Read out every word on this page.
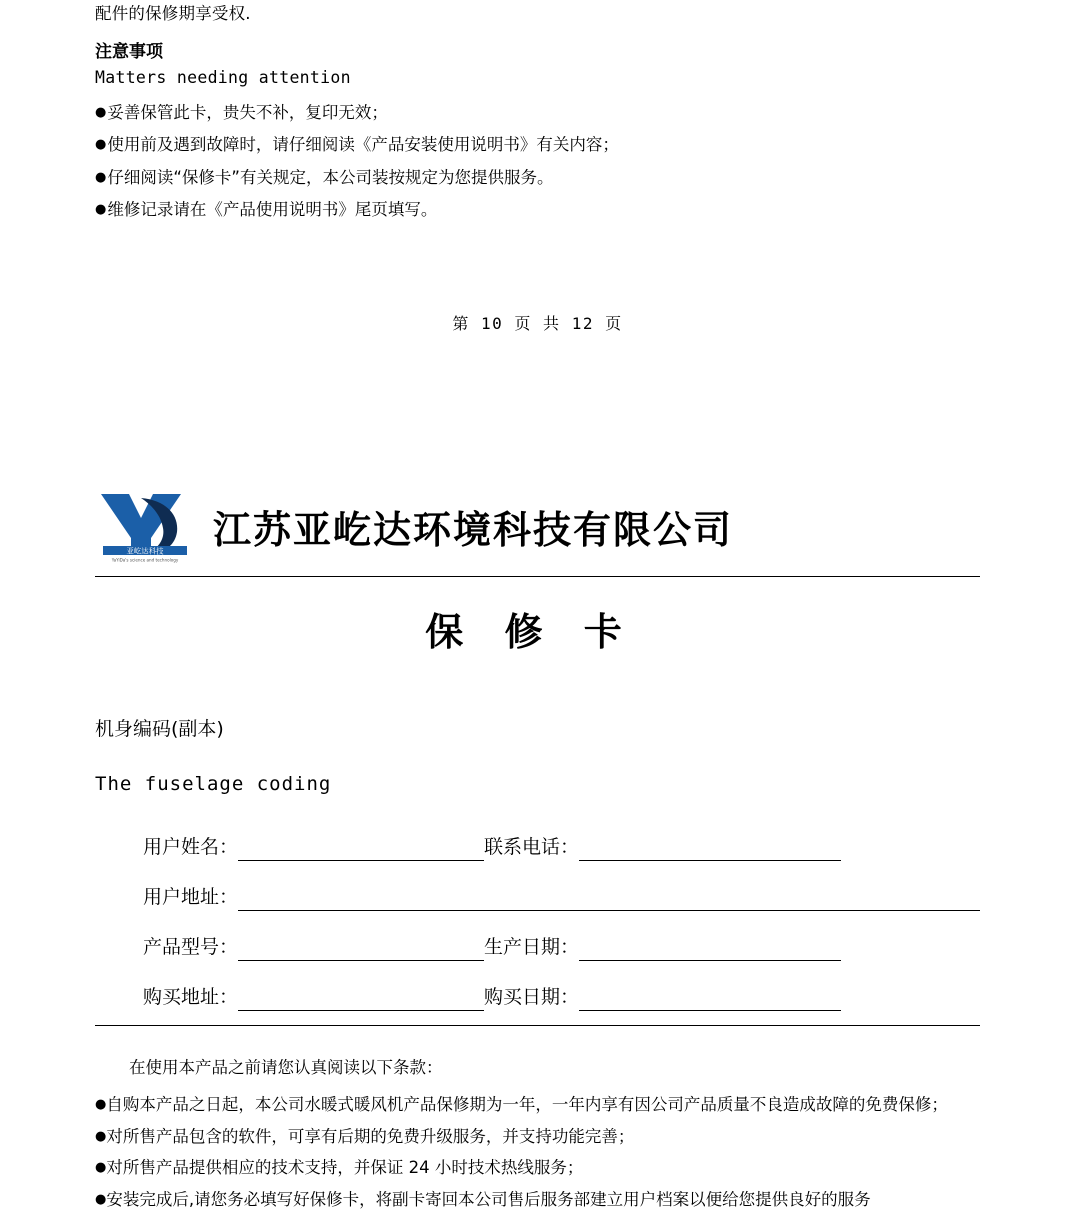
配件的保修期享受权.

注意事项

Matters needing attention

●妥善保管此卡，贵失不补，复印无效；
●使用前及遇到故障时，请仔细阅读《产品安装使用说明书》有关内容；
●仔细阅读“保修卡”有关规定，本公司装按规定为您提供服务。
●维修记录请在《产品使用说明书》尾页填写。
第 10 页 共 12 页
亚屹达科技
YaYiDa's science and technology
江苏亚屹达环境科技有限公司
保 修 卡
机身编码(副本)
The fuselage coding
用户姓名：	联系电话：
用户地址：
产品型号：	生产日期：
购买地址：	购买日期：

在使用本产品之前请您认真阅读以下条款：

●自购本产品之日起，本公司水暖式暖风机产品保修期为一年，一年内享有因公司产品质量不良造成故障的免费保修；

●对所售产品包含的软件，可享有后期的免费升级服务，并支持功能完善；

●对所售产品提供相应的技术支持，并保证 24 小时技术热线服务；

●安装完成后,请您务必填写好保修卡，将副卡寄回本公司售后服务部建立用户档案以便给您提供良好的服务
